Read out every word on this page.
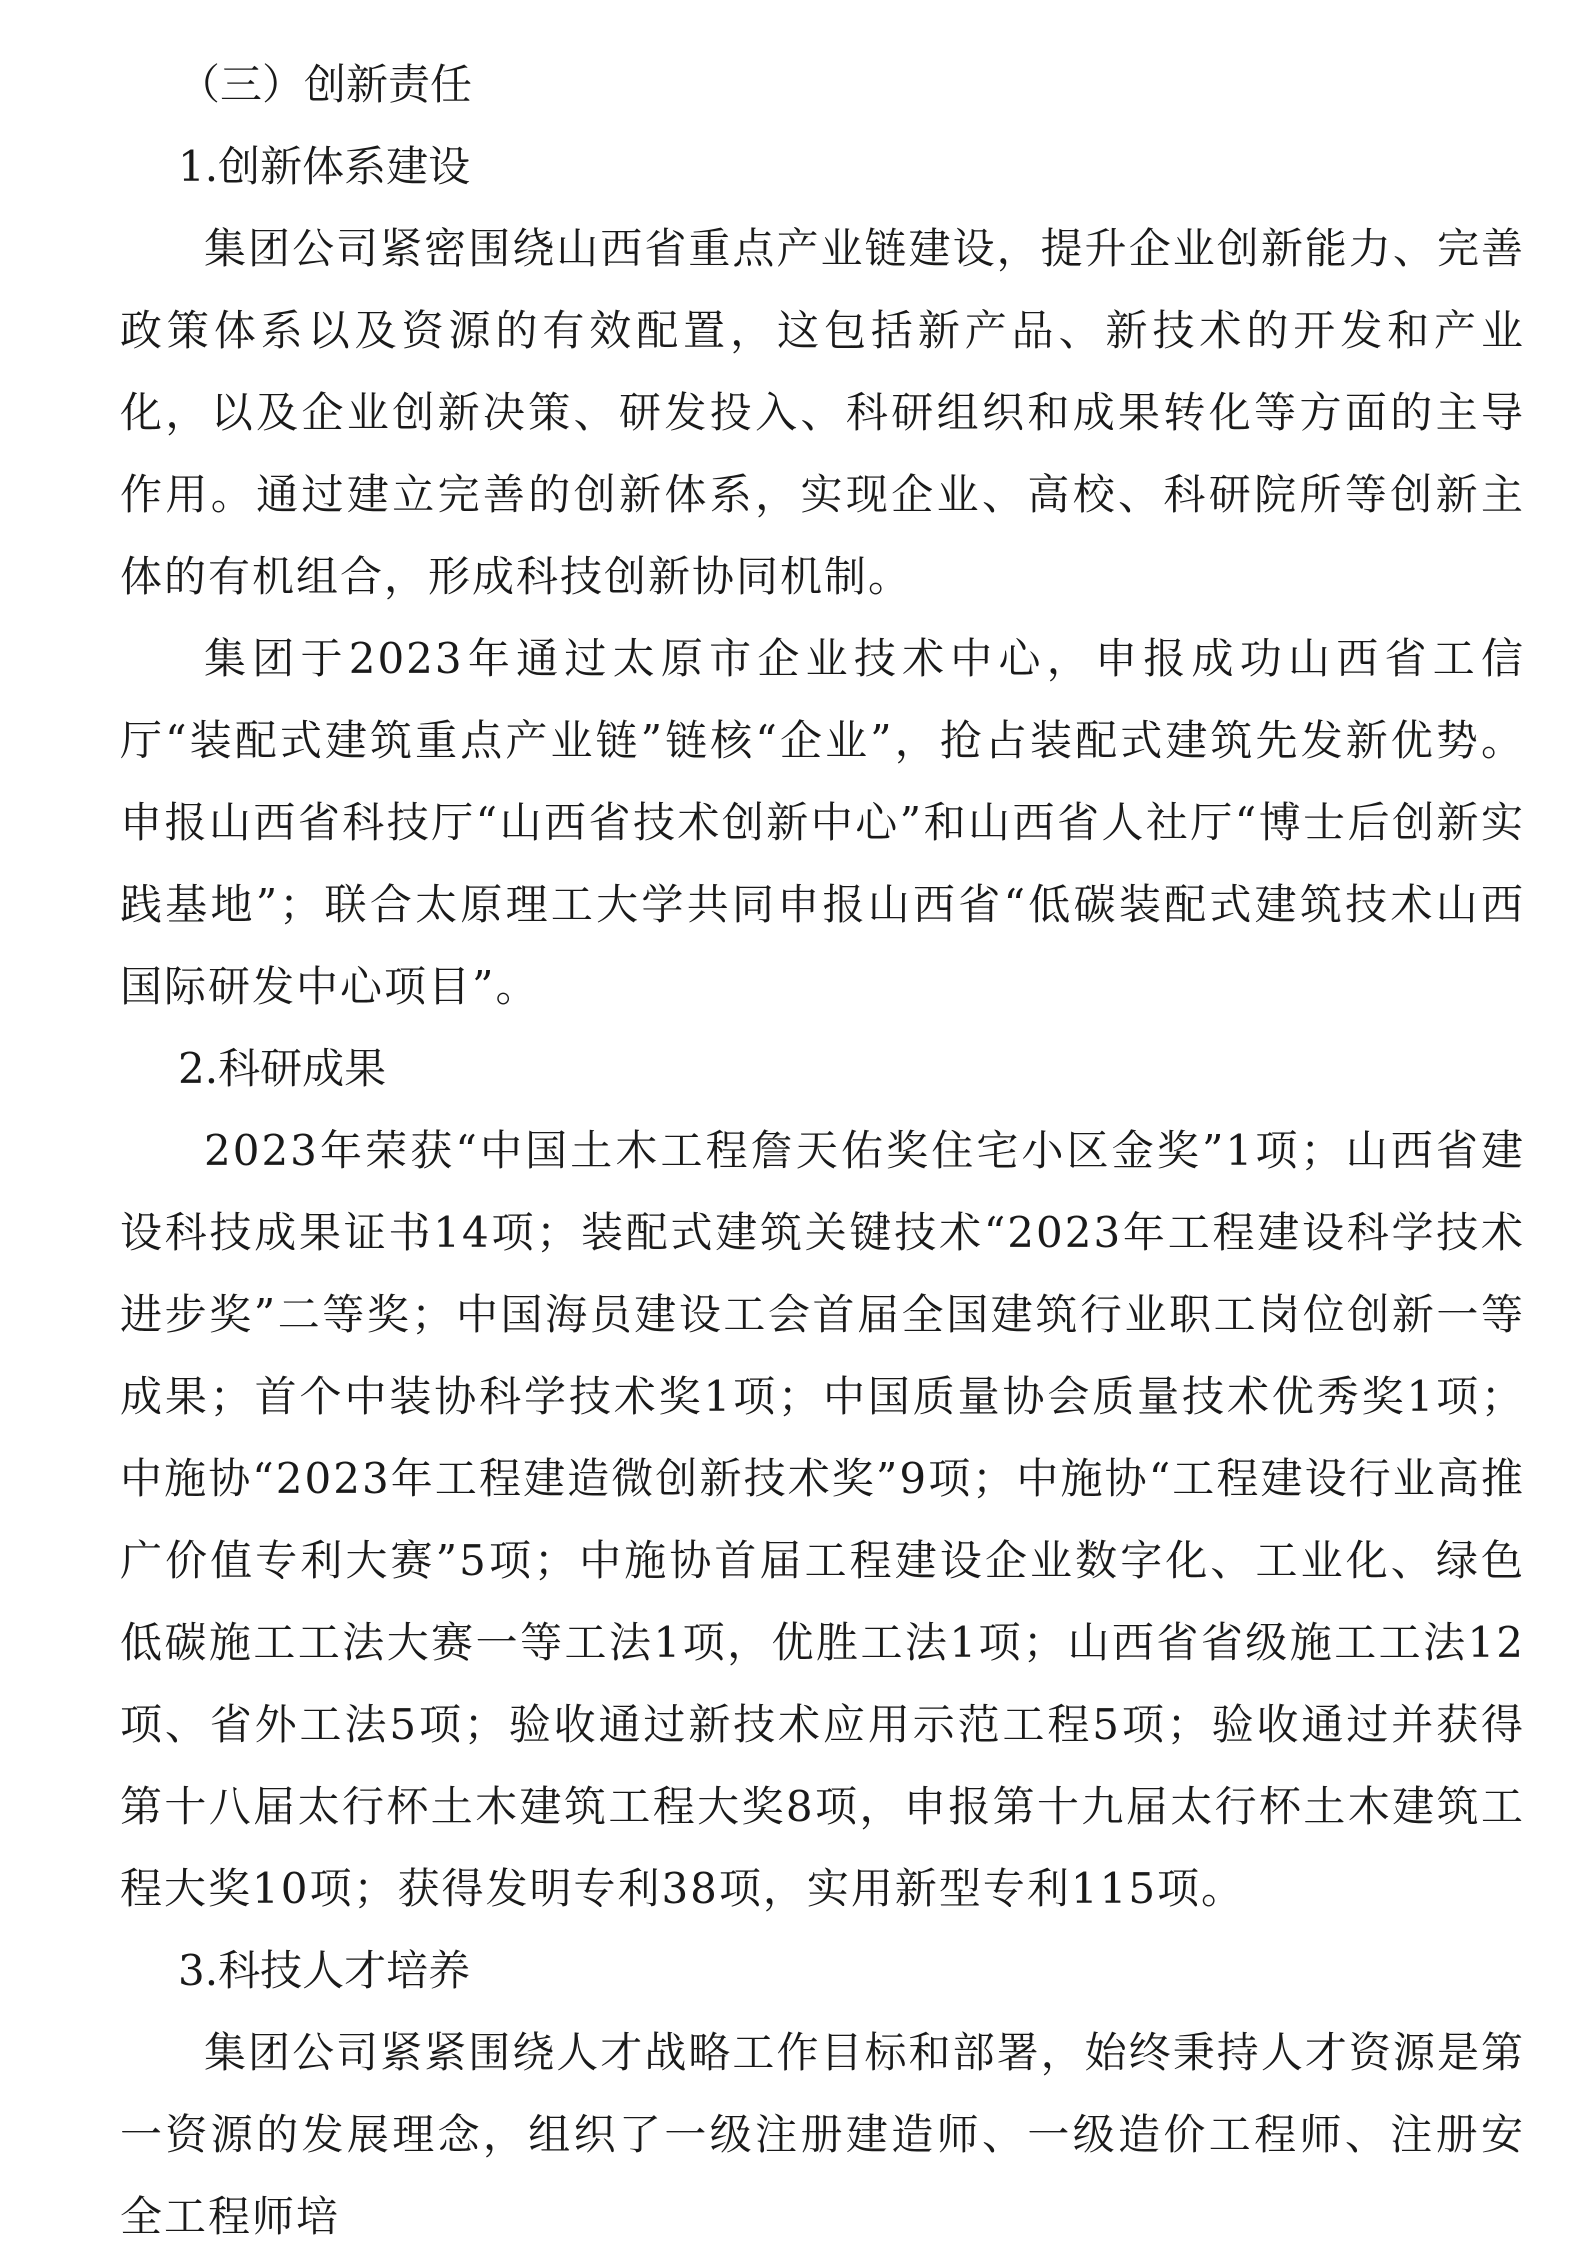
（三）创新责任
1.创新体系建设

集团公司紧密围绕山西省重点产业链建设，提升企业创新能力、完善政策体系以及资源的有效配置，这包括新产品、新技术的开发和产业化，以及企业创新决策、研发投入、科研组织和成果转化等方面的主导作用。通过建立完善的创新体系，实现企业、高校、科研院所等创新主体的有机组合，形成科技创新协同机制。

集团于2023年通过太原市企业技术中心，申报成功山西省工信厅“装配式建筑重点产业链”链核“企业”，抢占装配式建筑先发新优势。申报山西省科技厅“山西省技术创新中心”和山西省人社厅“博士后创新实践基地”；联合太原理工大学共同申报山西省“低碳装配式建筑技术山西国际研发中心项目”。

2.科研成果

2023年荣获“中国土木工程詹天佑奖住宅小区金奖”1项；山西省建设科技成果证书14项；装配式建筑关键技术“2023年工程建设科学技术进步奖”二等奖；中国海员建设工会首届全国建筑行业职工岗位创新一等成果；首个中装协科学技术奖1项；中国质量协会质量技术优秀奖1项；中施协“2023年工程建造微创新技术奖”9项；中施协“工程建设行业高推广价值专利大赛”5项；中施协首届工程建设企业数字化、工业化、绿色低碳施工工法大赛一等工法1项，优胜工法1项；山西省省级施工工法12项、省外工法5项；验收通过新技术应用示范工程5项；验收通过并获得第十八届太行杯土木建筑工程大奖8项，申报第十九届太行杯土木建筑工程大奖10项；获得发明专利38项，实用新型专利115项。

3.科技人才培养

集团公司紧紧围绕人才战略工作目标和部署，始终秉持人才资源是第一资源的发展理念，组织了一级注册建造师、一级造价工程师、注册安全工程师培
